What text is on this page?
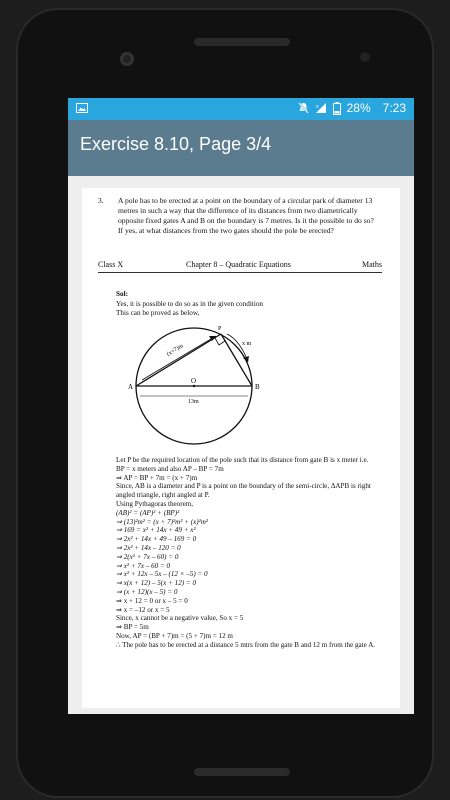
x 28% 7:23
Exercise 8.10, Page 3/4
3. A pole has to be erected at a point on the boundary of a circular park of diameter 13 metres in such a way that the difference of its distances from two diametrically opposite fixed gates A and B on the boundary is 7 metres. Is it the possible to do so? If yes, at what distances from the two gates should the pole be erected?
Class X	Chapter 8 – Quadratic Equations	Maths
Sol:
Yes, it is possible to do so as in the given condition
This can be proved as below,
A	B
O
P
x m
(x+7)m
13m
Let P be the required location of the pole such that its distance from gate B is x meter i.e.
BP = x meters and also AP – BP = 7m
⇒ AP = BP + 7m = (x + 7)m
Since, AB is a diameter and P is a point on the boundary of the semi-circle, ΔAPB is right
angled triangle, right angled at P.
Using Pythagoras theorem,
(AB)² = (AP)² + (BP)²
⇒ (13)²m² = (x + 7)²m² + (x)²m²
⇒ 169 = x² + 14x + 49 + x²
⇒ 2x² + 14x + 49 – 169 = 0
⇒ 2x² + 14x – 120 = 0
⇒ 2(x² + 7x – 60) = 0
⇒ x² + 7x – 60 = 0
⇒ x² + 12x – 5x – (12 × –5) = 0
⇒ x(x + 12) – 5(x + 12) = 0
⇒ (x + 12)(x – 5) = 0
⇒ x + 12 = 0 or x – 5 = 0
⇒ x = –12 or x = 5
Since, x cannot be a negative value, So x = 5
⇒ BP = 5m
Now, AP = (BP + 7)m = (5 + 7)m = 12 m
∴ The pole has to be erected at a distance 5 mtrs from the gate B and 12 m from the gate A.
